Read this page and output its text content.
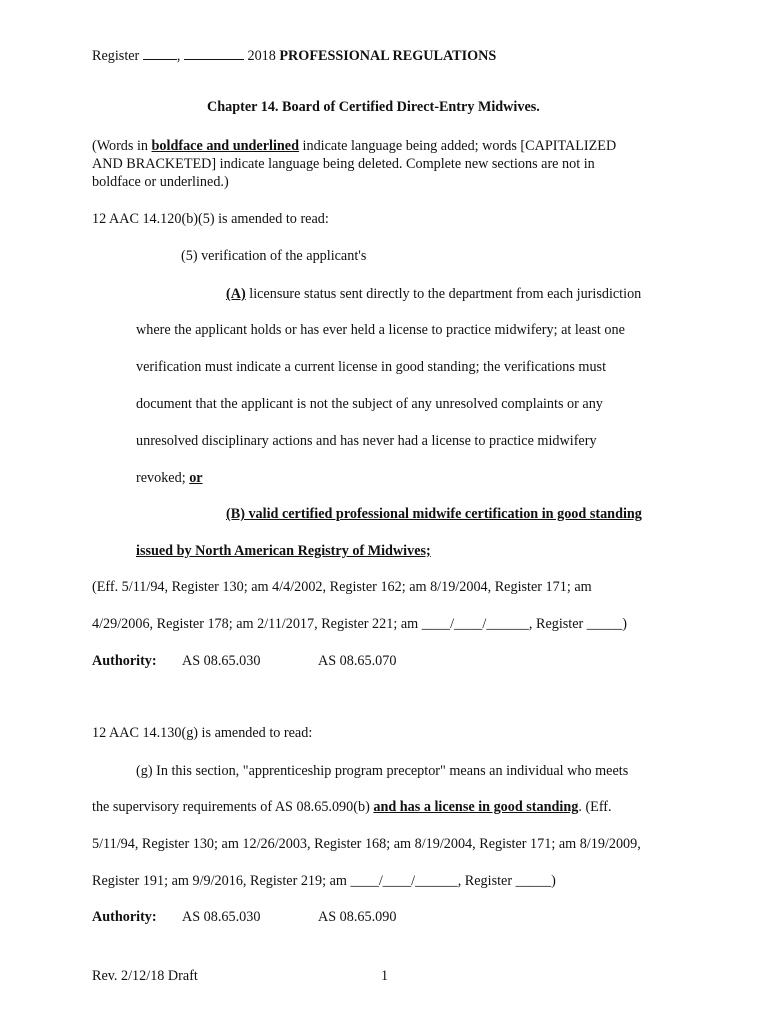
Register	,	2018 PROFESSIONAL REGULATIONS
Chapter 14. Board of Certified Direct-Entry Midwives.
(Words in boldface and underlined indicate language being added; words [CAPITALIZED
AND BRACKETED] indicate language being deleted. Complete new sections are not in
boldface or underlined.)
12 AAC 14.120(b)(5) is amended to read:
(5) verification of the applicant's
(A) licensure status sent directly to the department from each jurisdiction
where the applicant holds or has ever held a license to practice midwifery; at least one
verification must indicate a current license in good standing; the verifications must
document that the applicant is not the subject of any unresolved complaints or any
unresolved disciplinary actions and has never had a license to practice midwifery
revoked; or
(B) valid certified professional midwife certification in good standing
issued by North American Registry of Midwives;
(Eff. 5/11/94, Register 130; am 4/4/2002, Register 162; am 8/19/2004, Register 171; am
4/29/2006, Register 178; am 2/11/2017, Register 221; am ____/____/______, Register _____)
Authority: AS 08.65.030	AS 08.65.070
12 AAC 14.130(g) is amended to read:
(g) In this section, "apprenticeship program preceptor" means an individual who meets
the supervisory requirements of AS 08.65.090(b) and has a license in good standing. (Eff.
5/11/94, Register 130; am 12/26/2003, Register 168; am 8/19/2004, Register 171; am 8/19/2009,
Register 191; am 9/9/2016, Register 219; am ____/____/______, Register _____)
Authority: AS 08.65.030	AS 08.65.090
Rev. 2/12/18 Draft	1
